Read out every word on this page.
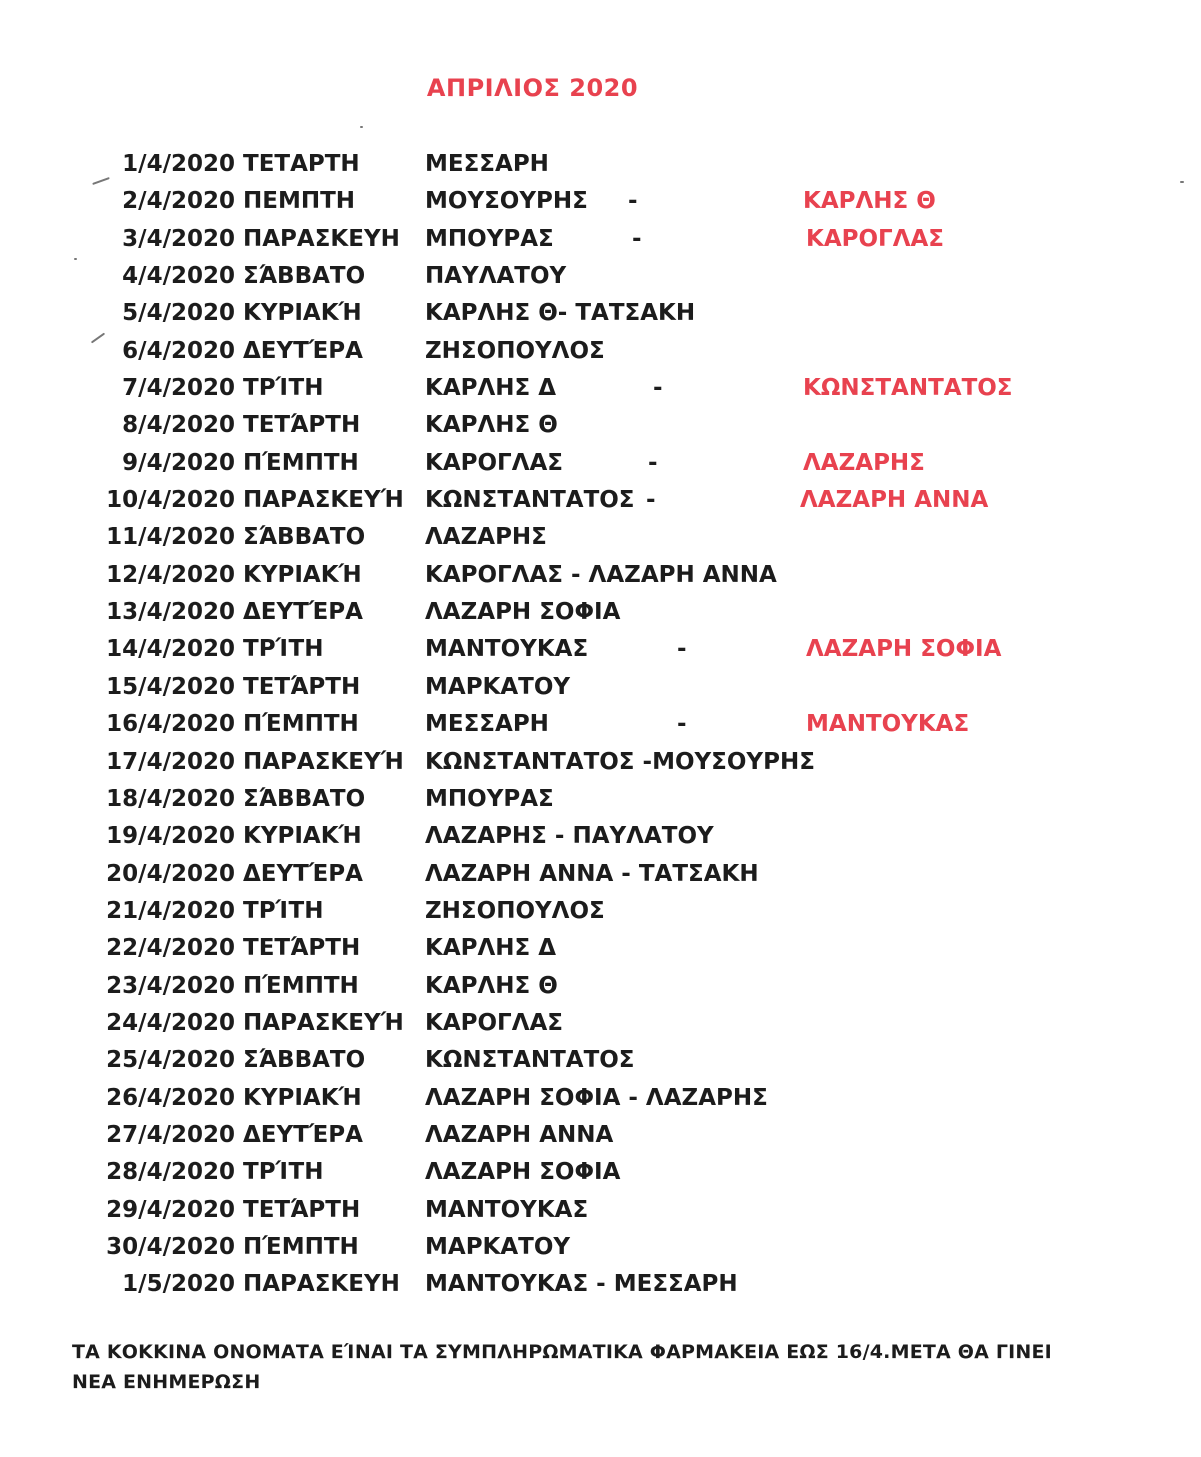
ΑΠΡΙΛΙΟΣ 2020
1/4/2020 ΤΕΤΑΡΤΗ	ΜΕΣΣΑΡΗ
2/4/2020 ΠΕΜΠΤΗ	ΜΟΥΣΟΥΡΗΣ -	ΚΑΡΛΗΣ Θ
3/4/2020 ΠΑΡΑΣΚΕΥΗ ΜΠΟΥΡΑΣ	-	ΚΑΡΟΓΛΑΣ
4/4/2020 ΣΆΒΒΑΤΟ	ΠΑΥΛΑΤΟΥ
5/4/2020 ΚΥΡΙΑΚΉ	ΚΑΡΛΗΣ Θ- ΤΑΤΣΑΚΗ
6/4/2020 ΔΕΥΤΈΡΑ	ΖΗΣΟΠΟΥΛΟΣ
7/4/2020 ΤΡΊΤΗ	ΚΑΡΛΗΣ Δ	-	ΚΩΝΣΤΑΝΤΑΤΟΣ
8/4/2020 ΤΕΤΆΡΤΗ	ΚΑΡΛΗΣ Θ
9/4/2020 ΠΈΜΠΤΗ	ΚΑΡΟΓΛΑΣ	-	ΛΑΖΑΡΗΣ
10/4/2020 ΠΑΡΑΣΚΕΥΉ ΚΩΝΣΤΑΝΤΑΤΟΣ -	ΛΑΖΑΡΗ ΑΝΝΑ
11/4/2020 ΣΆΒΒΑΤΟ	ΛΑΖΑΡΗΣ
12/4/2020 ΚΥΡΙΑΚΉ	ΚΑΡΟΓΛΑΣ - ΛΑΖΑΡΗ ΑΝΝΑ
13/4/2020 ΔΕΥΤΈΡΑ	ΛΑΖΑΡΗ ΣΟΦΙΑ
14/4/2020 ΤΡΊΤΗ	ΜΑΝΤΟΥΚΑΣ	-	ΛΑΖΑΡΗ ΣΟΦΙΑ
15/4/2020 ΤΕΤΆΡΤΗ	ΜΑΡΚΑΤΟΥ
16/4/2020 ΠΈΜΠΤΗ	ΜΕΣΣΑΡΗ	-	ΜΑΝΤΟΥΚΑΣ
17/4/2020 ΠΑΡΑΣΚΕΥΉ ΚΩΝΣΤΑΝΤΑΤΟΣ -ΜΟΥΣΟΥΡΗΣ
18/4/2020 ΣΆΒΒΑΤΟ	ΜΠΟΥΡΑΣ
19/4/2020 ΚΥΡΙΑΚΉ	ΛΑΖΑΡΗΣ - ΠΑΥΛΑΤΟΥ
20/4/2020 ΔΕΥΤΈΡΑ	ΛΑΖΑΡΗ ΑΝΝΑ - ΤΑΤΣΑΚΗ
21/4/2020 ΤΡΊΤΗ	ΖΗΣΟΠΟΥΛΟΣ
22/4/2020 ΤΕΤΆΡΤΗ	ΚΑΡΛΗΣ Δ
23/4/2020 ΠΈΜΠΤΗ	ΚΑΡΛΗΣ Θ
24/4/2020 ΠΑΡΑΣΚΕΥΉ ΚΑΡΟΓΛΑΣ
25/4/2020 ΣΆΒΒΑΤΟ	ΚΩΝΣΤΑΝΤΑΤΟΣ
26/4/2020 ΚΥΡΙΑΚΉ	ΛΑΖΑΡΗ ΣΟΦΙΑ - ΛΑΖΑΡΗΣ
27/4/2020 ΔΕΥΤΈΡΑ	ΛΑΖΑΡΗ ΑΝΝΑ
28/4/2020 ΤΡΊΤΗ	ΛΑΖΑΡΗ ΣΟΦΙΑ
29/4/2020 ΤΕΤΆΡΤΗ	ΜΑΝΤΟΥΚΑΣ
30/4/2020 ΠΈΜΠΤΗ	ΜΑΡΚΑΤΟΥ
1/5/2020 ΠΑΡΑΣΚΕΥΗ ΜΑΝΤΟΥΚΑΣ - ΜΕΣΣΑΡΗ
ΤΑ ΚΟΚΚΙΝΑ ΟΝΟΜΑΤΑ ΕΊΝΑΙ ΤΑ ΣΥΜΠΛΗΡΩΜΑΤΙΚΑ ΦΑΡΜΑΚΕΙΑ ΕΩΣ 16/4.ΜΕΤΑ ΘΑ ΓΙΝΕΙ
ΝΕΑ ΕΝΗΜΕΡΩΣΗ
